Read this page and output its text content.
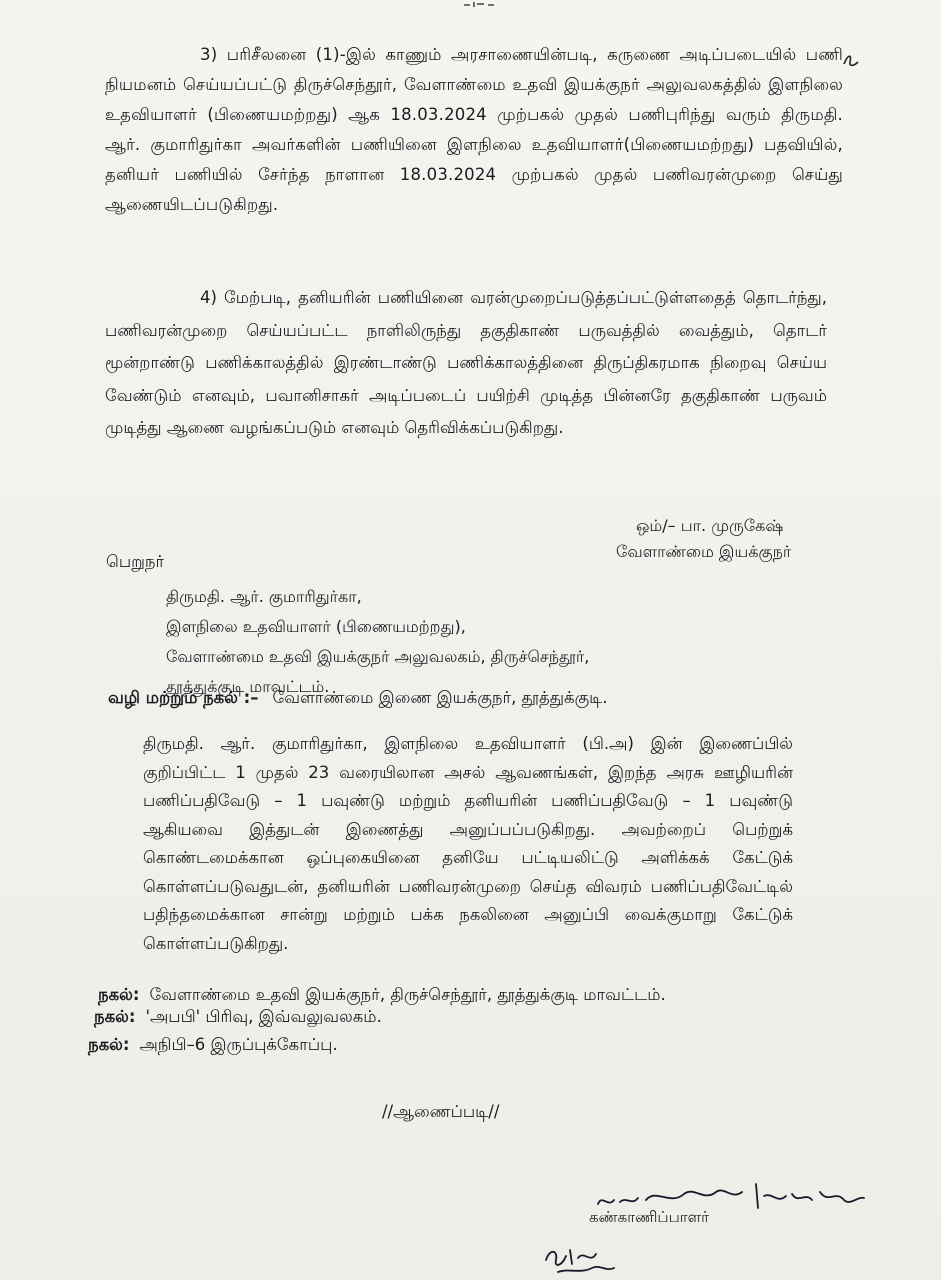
3) பரிசீலனை (1)-இல் காணும் அரசாணையின்படி, கருணை அடிப்படையில் பணி நியமனம் செய்யப்பட்டு திருச்செந்தூர், வேளாண்மை உதவி இயக்குநர் அலுவலகத்தில் இளநிலை உதவியாளர் (பிணையமற்றது) ஆக 18.03.2024 முற்பகல் முதல் பணிபுரிந்து வரும் திருமதி. ஆர். குமாரிதுர்கா அவர்களின் பணியினை இளநிலை உதவியாளர்(பிணையமற்றது) பதவியில், தனியர் பணியில் சேர்ந்த நாளான 18.03.2024 முற்பகல் முதல் பணிவரன்முறை செய்து ஆணையிடப்படுகிறது.
4) மேற்படி, தனியரின் பணியினை வரன்முறைப்படுத்தப்பட்டுள்ளதைத் தொடர்ந்து, பணிவரன்முறை செய்யப்பட்ட நாளிலிருந்து தகுதிகாண் பருவத்தில் வைத்தும், தொடர் மூன்றாண்டு பணிக்காலத்தில் இரண்டாண்டு பணிக்காலத்தினை திருப்திகரமாக நிறைவு செய்ய வேண்டும் எனவும், பவானிசாகர் அடிப்படைப் பயிற்சி முடித்த பின்னரே தகுதிகாண் பருவம் முடித்து ஆணை வழங்கப்படும் எனவும் தெரிவிக்கப்படுகிறது.
ஒம்/– பா. முருகேஷ்
வேளாண்மை இயக்குநர்
பெறுநர்
திருமதி. ஆர். குமாரிதுர்கா,
இளநிலை உதவியாளர் (பிணையமற்றது),
வேளாண்மை உதவி இயக்குநர் அலுவலகம், திருச்செந்தூர்,
தூத்துக்குடி மாவட்டம்.
வழி மற்றும் நகல் :– வேளாண்மை இணை இயக்குநர், தூத்துக்குடி.
திருமதி. ஆர். குமாரிதுர்கா, இளநிலை உதவியாளர் (பி.அ) இன் இணைப்பில் குறிப்பிட்ட 1 முதல் 23 வரையிலான அசல் ஆவணங்கள், இறந்த அரசு ஊழியரின் பணிப்பதிவேடு – 1 பவுண்டு மற்றும் தனியரின் பணிப்பதிவேடு – 1 பவுண்டு ஆகியவை இத்துடன் இணைத்து அனுப்பப்படுகிறது. அவற்றைப் பெற்றுக் கொண்டமைக்கான ஒப்புகையினை தனியே பட்டியலிட்டு அளிக்கக் கேட்டுக் கொள்ளப்படுவதுடன், தனியரின் பணிவரன்முறை செய்த விவரம் பணிப்பதிவேட்டில் பதிந்தமைக்கான சான்று மற்றும் பக்க நகலினை அனுப்பி வைக்குமாறு கேட்டுக் கொள்ளப்படுகிறது.
நகல்: வேளாண்மை உதவி இயக்குநர், திருச்செந்தூர், தூத்துக்குடி மாவட்டம்.
நகல்: 'அபபி' பிரிவு, இவ்வலுவலகம்.
நகல்: அநிபி–6 இருப்புக்கோப்பு.
//ஆணைப்படி//
கண்காணிப்பாளர்
